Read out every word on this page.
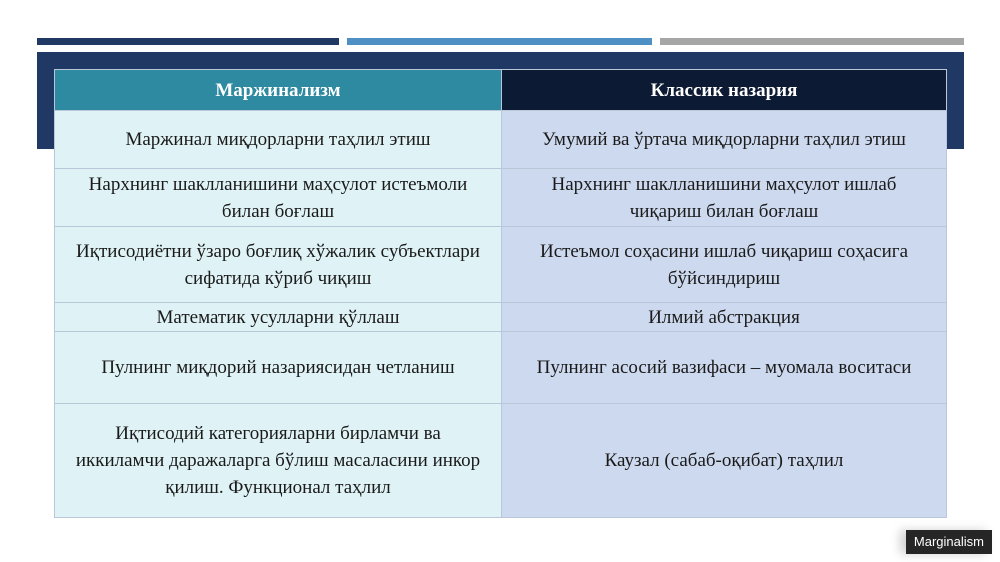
Маржинализм	Классик назария
Маржинал миқдорларни таҳлил этиш	Умумий ва ўртача миқдорларни таҳлил этиш
Нархнинг шаклланишини маҳсулот истеъмоли билан боғлаш	Нархнинг шаклланишини маҳсулот ишлаб чиқариш билан боғлаш
Иқтисодиётни ўзаро боғлиқ хўжалик субъектлари сифатида кўриб чиқиш	Истеъмол соҳасини ишлаб чиқариш соҳасига бўйсиндириш
Математик усулларни қўллаш	Илмий абстракция
Пулнинг миқдорий назариясидан четланиш	Пулнинг асосий вазифаси – муомала воситаси
Иқтисодий категорияларни бирламчи ва иккиламчи даражаларга бўлиш масаласини инкор қилиш. Функционал таҳлил	Каузал (сабаб-оқибат) таҳлил
Marginalism
